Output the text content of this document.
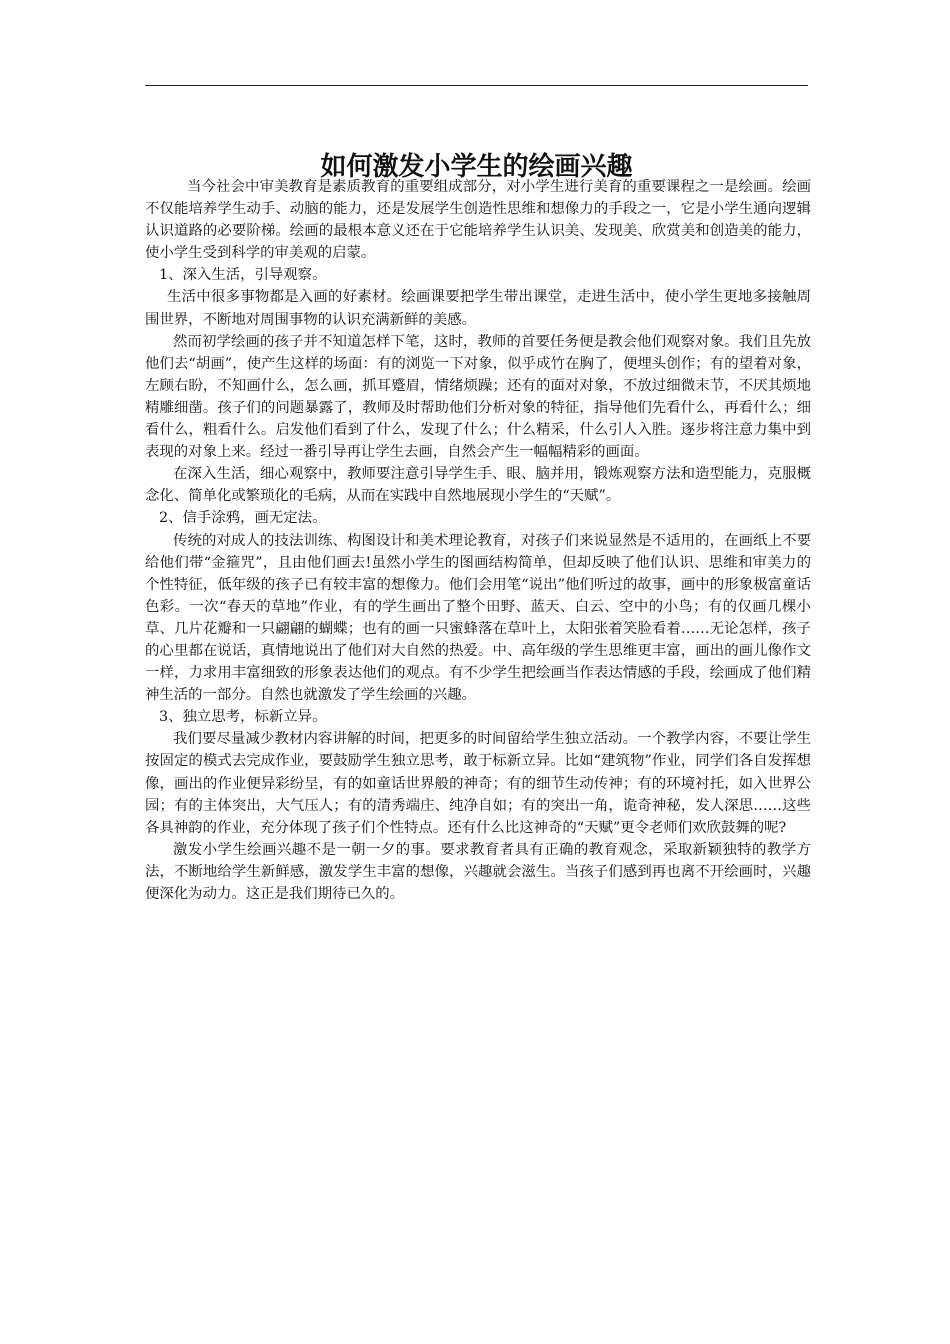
如何激发小学生的绘画兴趣

当今社会中审美教育是素质教育的重要组成部分，对小学生进行美育的重要课程之一是绘画。绘画不仅能培养学生动手、动脑的能力，还是发展学生创造性思维和想像力的手段之一，它是小学生通向逻辑认识道路的必要阶梯。绘画的最根本意义还在于它能培养学生认识美、发现美、欣赏美和创造美的能力，使小学生受到科学的审美观的启蒙。

1、深入生活，引导观察。

生活中很多事物都是入画的好素材。绘画课要把学生带出课堂，走进生活中，使小学生更地多接触周围世界，不断地对周围事物的认识充满新鲜的美感。

然而初学绘画的孩子并不知道怎样下笔，这时，教师的首要任务便是教会他们观察对象。我们且先放他们去“胡画”，使产生这样的场面：有的浏览一下对象，似乎成竹在胸了，便埋头创作；有的望着对象，左顾右盼，不知画什么，怎么画，抓耳蹙眉，情绪烦躁；还有的面对对象，不放过细微末节，不厌其烦地精雕细凿。孩子们的问题暴露了，教师及时帮助他们分析对象的特征，指导他们先看什么，再看什么；细看什么，粗看什么。启发他们看到了什么，发现了什么；什么精采，什么引人入胜。逐步将注意力集中到表现的对象上来。经过一番引导再让学生去画，自然会产生一幅幅精彩的画面。

在深入生活，细心观察中，教师要注意引导学生手、眼、脑并用，锻炼观察方法和造型能力，克服概念化、简单化或繁琐化的毛病，从而在实践中自然地展现小学生的“天赋”。

2、信手涂鸦，画无定法。

传统的对成人的技法训练、构图设计和美术理论教育，对孩子们来说显然是不适用的，在画纸上不要给他们带“金箍咒”，且由他们画去!虽然小学生的图画结构简单，但却反映了他们认识、思维和审美力的个性特征，低年级的孩子已有较丰富的想像力。他们会用笔“说出”他们听过的故事，画中的形象极富童话色彩。一次“春天的草地”作业，有的学生画出了整个田野、蓝天、白云、空中的小鸟；有的仅画几棵小草、几片花瓣和一只翩翩的蝴蝶；也有的画一只蜜蜂落在草叶上，太阳张着笑脸看着……无论怎样，孩子的心里都在说话，真情地说出了他们对大自然的热爱。中、高年级的学生思维更丰富，画出的画儿像作文一样，力求用丰富细致的形象表达他们的观点。有不少学生把绘画当作表达情感的手段，绘画成了他们精神生活的一部分。自然也就激发了学生绘画的兴趣。

3、独立思考，标新立异。

我们要尽量减少教材内容讲解的时间，把更多的时间留给学生独立活动。一个教学内容，不要让学生按固定的模式去完成作业，要鼓励学生独立思考，敢于标新立异。比如“建筑物”作业，同学们各自发挥想像，画出的作业便异彩纷呈，有的如童话世界般的神奇；有的细节生动传神；有的环境衬托，如入世界公园；有的主体突出，大气压人；有的清秀端庄、纯净自如；有的突出一角，诡奇神秘，发人深思……这些各具神韵的作业，充分体现了孩子们个性特点。还有什么比这神奇的“天赋”更令老师们欢欣鼓舞的呢?

激发小学生绘画兴趣不是一朝一夕的事。要求教育者具有正确的教育观念，采取新颖独特的教学方法，不断地给学生新鲜感，激发学生丰富的想像，兴趣就会滋生。当孩子们感到再也离不开绘画时，兴趣便深化为动力。这正是我们期待已久的。
